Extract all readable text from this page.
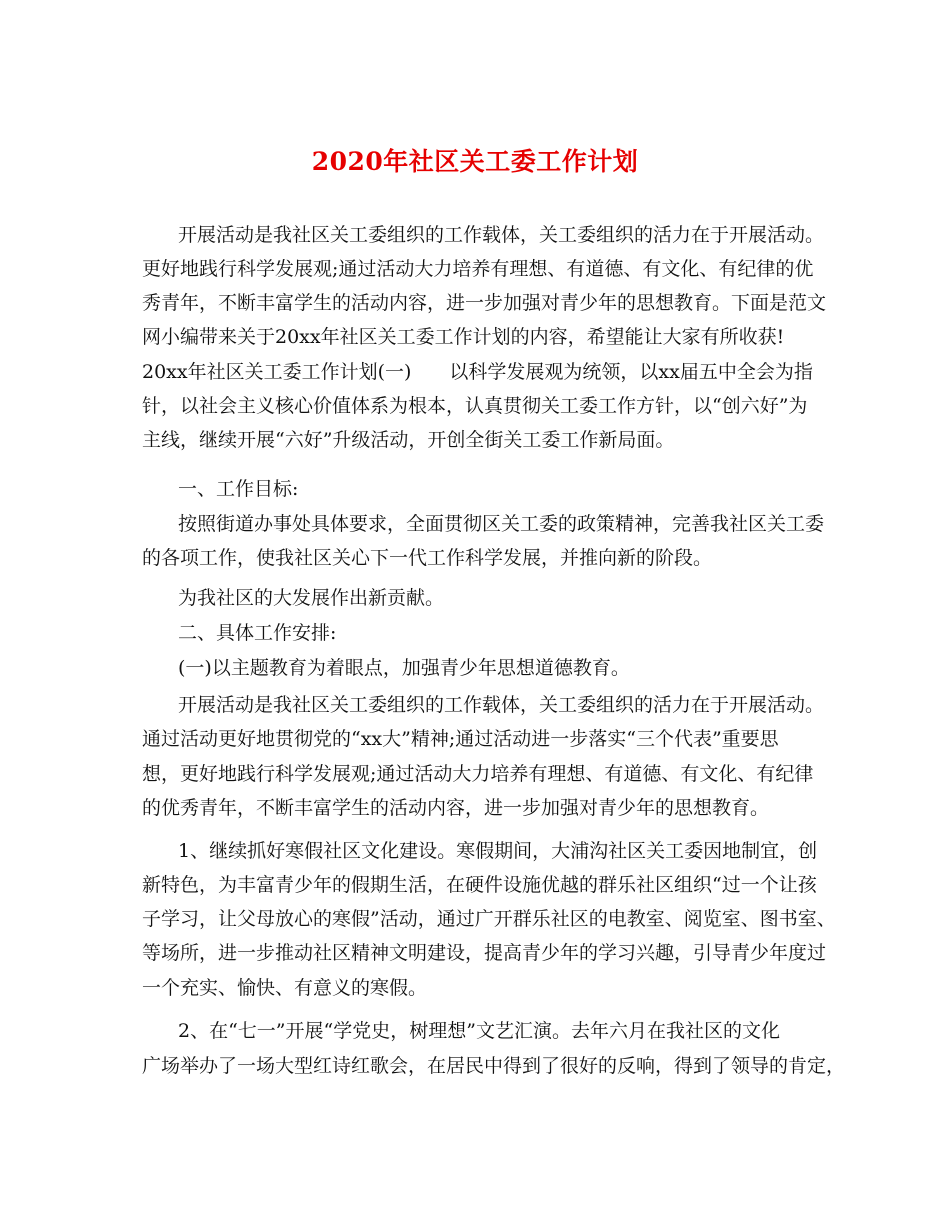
2020年社区关工委工作计划
开展活动是我社区关工委组织的工作载体，关工委组织的活力在于开展活动。
更好地践行科学发展观;通过活动大力培养有理想、有道德、有文化、有纪律的优
秀青年，不断丰富学生的活动内容，进一步加强对青少年的思想教育。下面是范文
网小编带来关于20xx年社区关工委工作计划的内容，希望能让大家有所收获!
20xx年社区关工委工作计划(一)　　以科学发展观为统领，以xx届五中全会为指
针，以社会主义核心价值体系为根本，认真贯彻关工委工作方针，以“创六好”为
主线，继续开展“六好”升级活动，开创全街关工委工作新局面。
一、工作目标:
按照街道办事处具体要求，全面贯彻区关工委的政策精神，完善我社区关工委
的各项工作，使我社区关心下一代工作科学发展，并推向新的阶段。
为我社区的大发展作出新贡献。
二、具体工作安排:
(一)以主题教育为着眼点，加强青少年思想道德教育。
开展活动是我社区关工委组织的工作载体，关工委组织的活力在于开展活动。
通过活动更好地贯彻党的“xx大”精神;通过活动进一步落实“三个代表”重要思
想，更好地践行科学发展观;通过活动大力培养有理想、有道德、有文化、有纪律
的优秀青年，不断丰富学生的活动内容，进一步加强对青少年的思想教育。
1、继续抓好寒假社区文化建设。寒假期间，大浦沟社区关工委因地制宜，创
新特色，为丰富青少年的假期生活，在硬件设施优越的群乐社区组织“过一个让孩
子学习，让父母放心的寒假”活动，通过广开群乐社区的电教室、阅览室、图书室、
等场所，进一步推动社区精神文明建设，提高青少年的学习兴趣，引导青少年度过
一个充实、愉快、有意义的寒假。
2、在“七一”开展“学党史，树理想”文艺汇演。去年六月在我社区的文化
广场举办了一场大型红诗红歌会，在居民中得到了很好的反响，得到了领导的肯定，
